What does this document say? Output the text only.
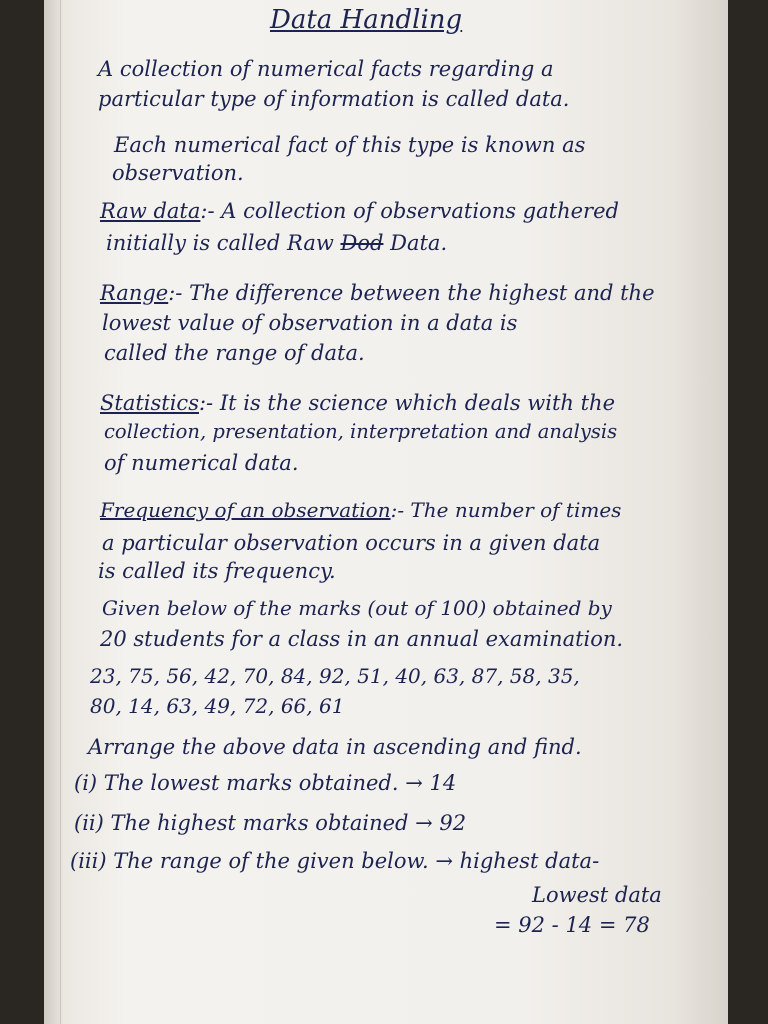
Data Handling
A collection of numerical facts regarding a
particular type of information is called data.
Each numerical fact of this type is known as
observation.
Raw data:- A collection of observations gathered
initially is called Raw Dod Data.
Range:- The difference between the highest and the
lowest value of observation in a data is
called the range of data.
Statistics:- It is the science which deals with the
collection, presentation, interpretation and analysis
of numerical data.
Frequency of an observation:- The number of times
a particular observation occurs in a given data
is called its frequency.
Given below of the marks (out of 100) obtained by
20 students for a class in an annual examination.
23, 75, 56, 42, 70, 84, 92, 51, 40, 63, 87, 58, 35,
80, 14, 63, 49, 72, 66, 61
Arrange the above data in ascending and find.
(i) The lowest marks obtained. → 14
(ii) The highest marks obtained → 92
(iii) The range of the given below. → highest data-
Lowest data
= 92 - 14 = 78
